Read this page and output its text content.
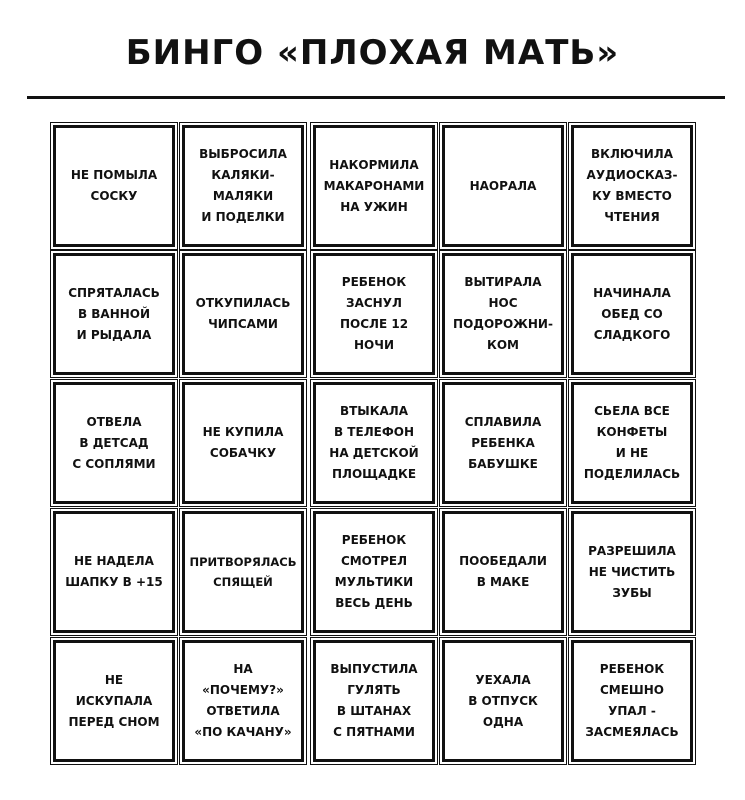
БИНГО «ПЛОХАЯ МАТЬ»
НЕ ПОМЫЛА
СОСКУ
ВЫБРОСИЛА
КАЛЯКИ-
МАЛЯКИ
И ПОДЕЛКИ
НАКОРМИЛА
МАКАРОНАМИ
НА УЖИН
НАОРАЛА
ВКЛЮЧИЛА
АУДИОСКАЗ-
КУ ВМЕСТО
ЧТЕНИЯ
СПРЯТАЛАСЬ
В ВАННОЙ
И РЫДАЛА
ОТКУПИЛАСЬ
ЧИПСАМИ
РЕБЕНОК
ЗАСНУЛ
ПОСЛЕ 12
НОЧИ
ВЫТИРАЛА
НОС
ПОДОРОЖНИ-
КОМ
НАЧИНАЛА
ОБЕД СО
СЛАДКОГО
ОТВЕЛА
В ДЕТСАД
С СОПЛЯМИ
НЕ КУПИЛА
СОБАЧКУ
ВТЫКАЛА
В ТЕЛЕФОН
НА ДЕТСКОЙ
ПЛОЩАДКЕ
СПЛАВИЛА
РЕБЕНКА
БАБУШКЕ
СЬЕЛА ВСЕ
КОНФЕТЫ
И НЕ
ПОДЕЛИЛАСЬ
НЕ НАДЕЛА
ШАПКУ В +15
ПРИТВОРЯЛАСЬ
СПЯЩЕЙ
РЕБЕНОК
СМОТРЕЛ
МУЛЬТИКИ
ВЕСЬ ДЕНЬ
ПООБЕДАЛИ
В МАКЕ
РАЗРЕШИЛА
НЕ ЧИСТИТЬ
ЗУБЫ
НЕ
ИСКУПАЛА
ПЕРЕД СНОМ
НА
«ПОЧЕМУ?»
ОТВЕТИЛА
«ПО КАЧАНУ»
ВЫПУСТИЛА
ГУЛЯТЬ
В ШТАНАХ
С ПЯТНАМИ
УЕХАЛА
В ОТПУСК
ОДНА
РЕБЕНОК
СМЕШНО
УПАЛ -
ЗАСМЕЯЛАСЬ
